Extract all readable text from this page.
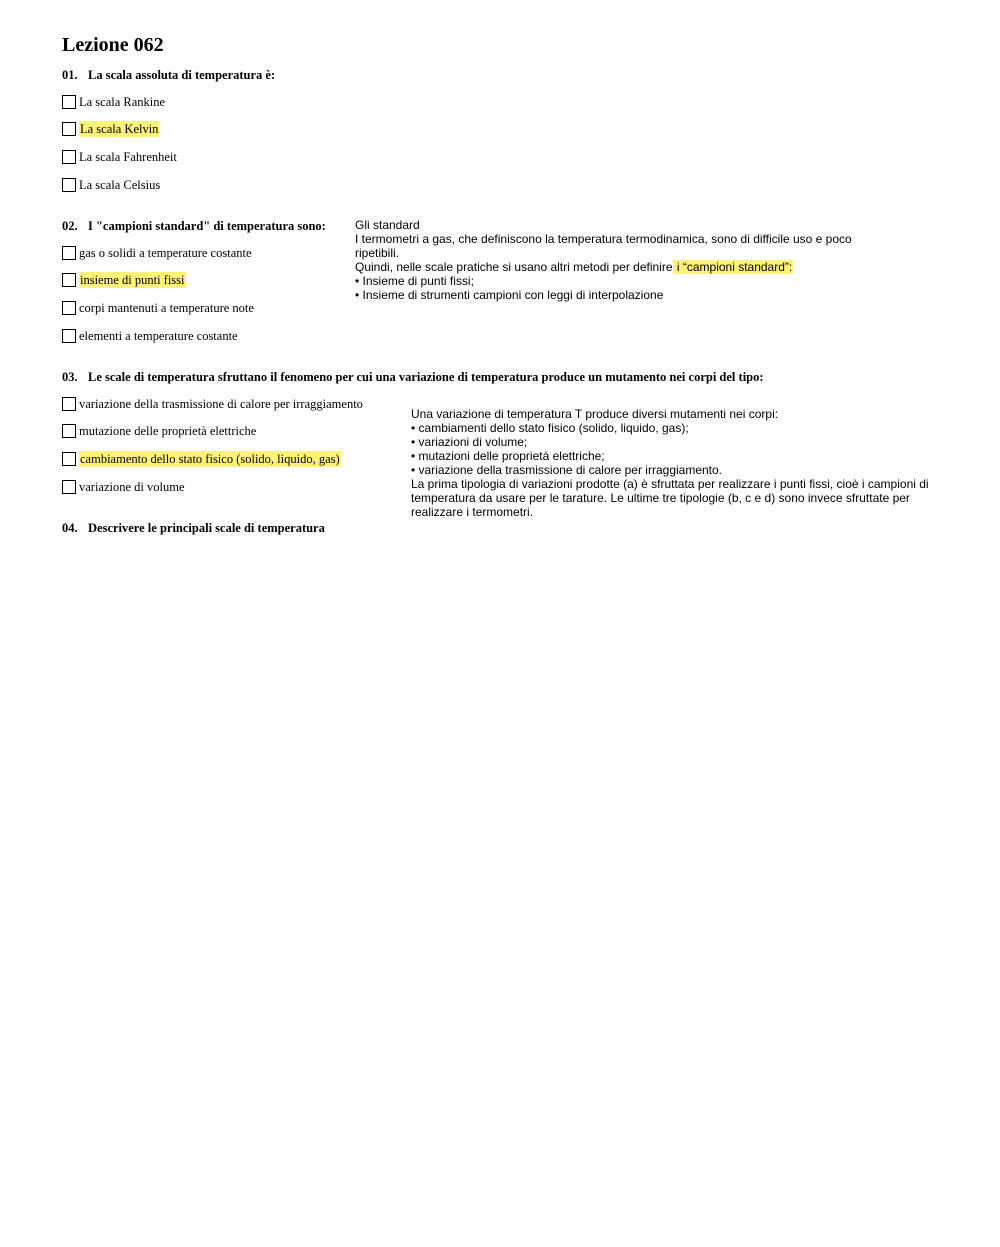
Lezione 062
01. La scala assoluta di temperatura è:
La scala Rankine
La scala Kelvin
La scala Fahrenheit
La scala Celsius
02. I "campioni standard" di temperatura sono:
gas o solidi a temperature costante
insieme di punti fissi
corpi mantenuti a temperature note
elementi a temperature costante
Gli standard
I termometri a gas, che definiscono la temperatura termodinamica, sono di difficile uso e poco ripetibili.
Quindi, nelle scale pratiche si usano altri metodi per definire i “campioni standard”:
• Insieme di punti fissi;
• Insieme di strumenti campioni con leggi di interpolazione
03. Le scale di temperatura sfruttano il fenomeno per cui una variazione di temperatura produce un mutamento nei corpi del tipo:
variazione della trasmissione di calore per irraggiamento
mutazione delle proprietà elettriche
cambiamento dello stato fisico (solido, liquido, gas)
variazione di volume
Una variazione di temperatura T produce diversi mutamenti nei corpi:
• cambiamenti dello stato fisico (solido, liquido, gas);
• variazioni di volume;
• mutazioni delle proprietà elettriche;
• variazione della trasmissione di calore per irraggiamento.
La prima tipologia di variazioni prodotte (a) è sfruttata per realizzare i punti fissi, cioè i campioni di temperatura da usare per le tarature. Le ultime tre tipologie (b, c e d) sono invece sfruttate per realizzare i termometri.
04. Descrivere le principali scale di temperatura
